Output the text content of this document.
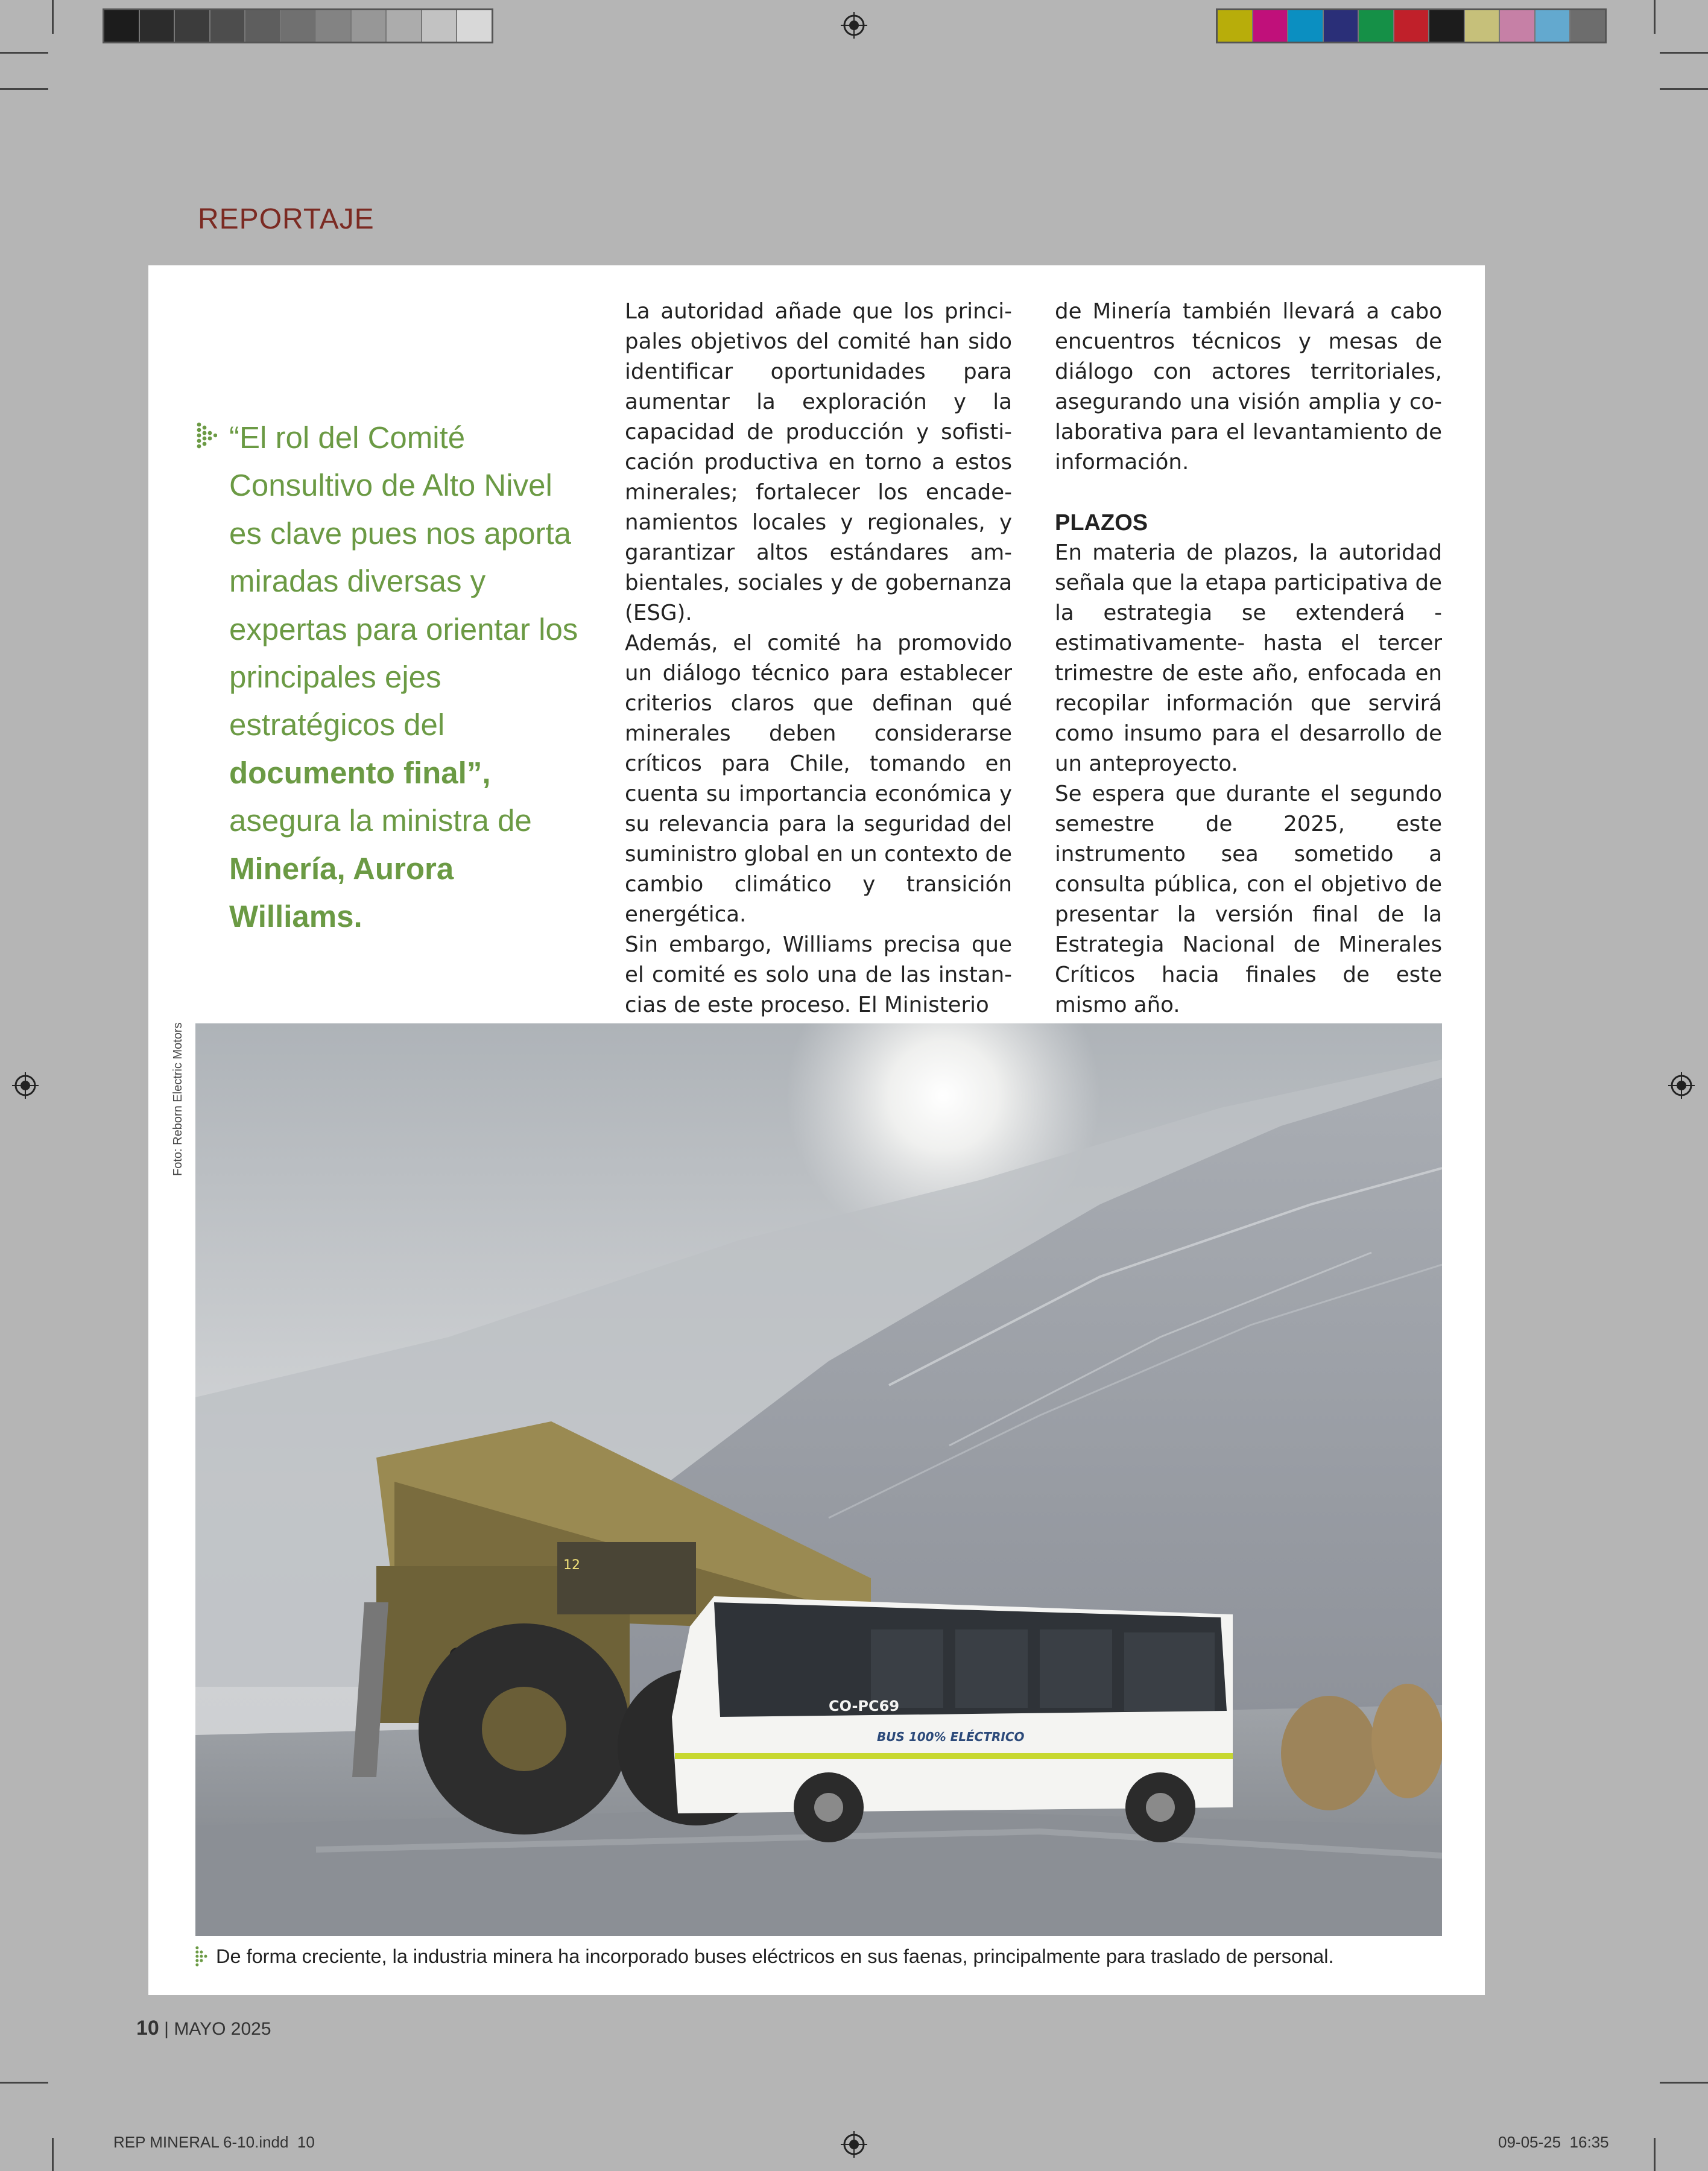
REPORTAJE

“El rol del Comité Consultivo de Alto Nivel es clave pues nos aporta miradas diversas y expertas para orientar los principales ejes estratégicos del documento final”, asegura la ministra de Minería, Aurora Williams.

La autoridad añade que los principales objetivos del comité han sido identificar oportunidades para aumentar la exploración y la capacidad de producción y sofisticación productiva en torno a estos minerales; fortalecer los encadenamientos locales y regionales, y garantizar altos estándares ambientales, sociales y de gobernanza (ESG).

Además, el comité ha promovido un diálogo técnico para establecer criterios claros que definan qué minerales deben considerarse críticos para Chile, tomando en cuenta su importancia económica y su relevancia para la seguridad del suministro global en un contexto de cambio climático y transición energética.

Sin embargo, Williams precisa que el comité es solo una de las instancias de este proceso. El Ministerio

de Minería también llevará a cabo encuentros técnicos y mesas de diálogo con actores territoriales, asegurando una visión amplia y colaborativa para el levantamiento de información.

PLAZOS

En materia de plazos, la autoridad señala que la etapa participativa de la estrategia se extenderá -estimativamente- hasta el tercer trimestre de este año, enfocada en recopilar información que servirá como insumo para el desarrollo de un anteproyecto.

Se espera que durante el segundo semestre de 2025, este instrumento sea sometido a consulta pública, con el objetivo de presentar la versión final de la Estrategia Nacional de Minerales Críticos hacia finales de este mismo año.

Foto: Reborn Electric Motors
12
BUS 100% ELÉCTRICO
CO-PC69
De forma creciente, la industria minera ha incorporado buses eléctricos en sus faenas, principalmente para traslado de personal.
10 | MAYO 2025
REP MINERAL 6-10.indd 10	09-05-25 16:35
